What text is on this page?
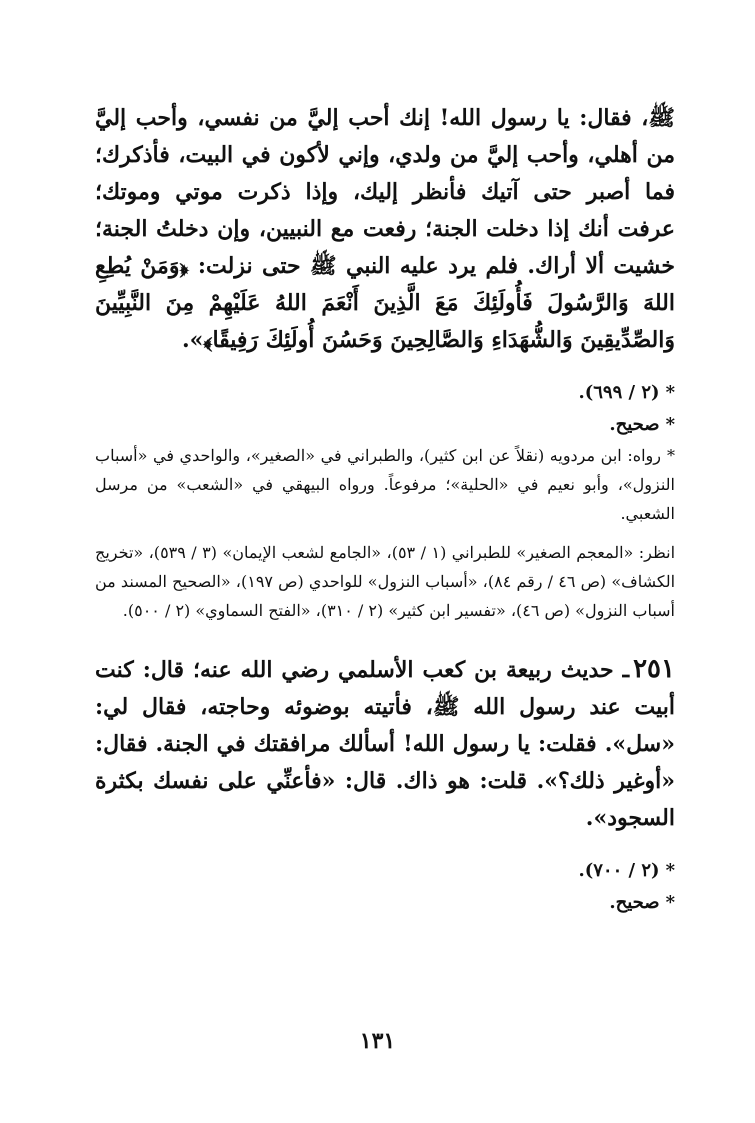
ﷺ، فقال: يا رسول الله! إنك أحب إليَّ من نفسي، وأحب إليَّ من أهلي، وأحب إليَّ من ولدي، وإني لأكون في البيت، فأذكرك؛ فما أصبر حتى آتيك فأنظر إليك، وإذا ذكرت موتي وموتك؛ عرفت أنك إذا دخلت الجنة؛ رفعت مع النبيين، وإن دخلتُ الجنة؛ خشيت ألا أراك. فلم يرد عليه النبي ﷺ حتى نزلت: ﴿وَمَنْ يُطِعِ اللهَ وَالرَّسُولَ فَأُولَئِكَ مَعَ الَّذِينَ أَنْعَمَ اللهُ عَلَيْهِمْ مِنَ النَّبِيِّينَ وَالصِّدِّيقِينَ وَالشُّهَدَاءِ وَالصَّالِحِينَ وَحَسُنَ أُولَئِكَ رَفِيقًا﴾».

*(٢ / ٦٩٩).

*صحيح.

*رواه: ابن مردويه (نقلاً عن ابن كثير)، والطبراني في «الصغير»، والواحدي في «أسباب النزول»، وأبو نعيم في «الحلية»؛ مرفوعاً. ورواه البيهقي في «الشعب» من مرسل الشعبي.

انظر: «المعجم الصغير» للطبراني (١ / ٥٣)، «الجامع لشعب الإيمان» (٣ / ٥٣٩)، «تخريج الكشاف» (ص ٤٦ / رقم ٨٤)، «أسباب النزول» للواحدي (ص ١٩٧)، «الصحيح المسند من أسباب النزول» (ص ٤٦)، «تفسير ابن كثير» (٢ / ٣١٠)، «الفتح السماوي» (٢ / ٥٠٠).

٢٥١ـ حديث ربيعة بن كعب الأسلمي رضي الله عنه؛ قال: كنت أبيت عند رسول الله ﷺ، فأتيته بوضوئه وحاجته، فقال لي: «سل». فقلت: يا رسول الله! أسألك مرافقتك في الجنة. فقال: «أوغير ذلك؟». قلت: هو ذاك. قال: «فأعنِّي على نفسك بكثرة السجود».

*(٢ / ٧٠٠).

*صحيح.

١٣١
